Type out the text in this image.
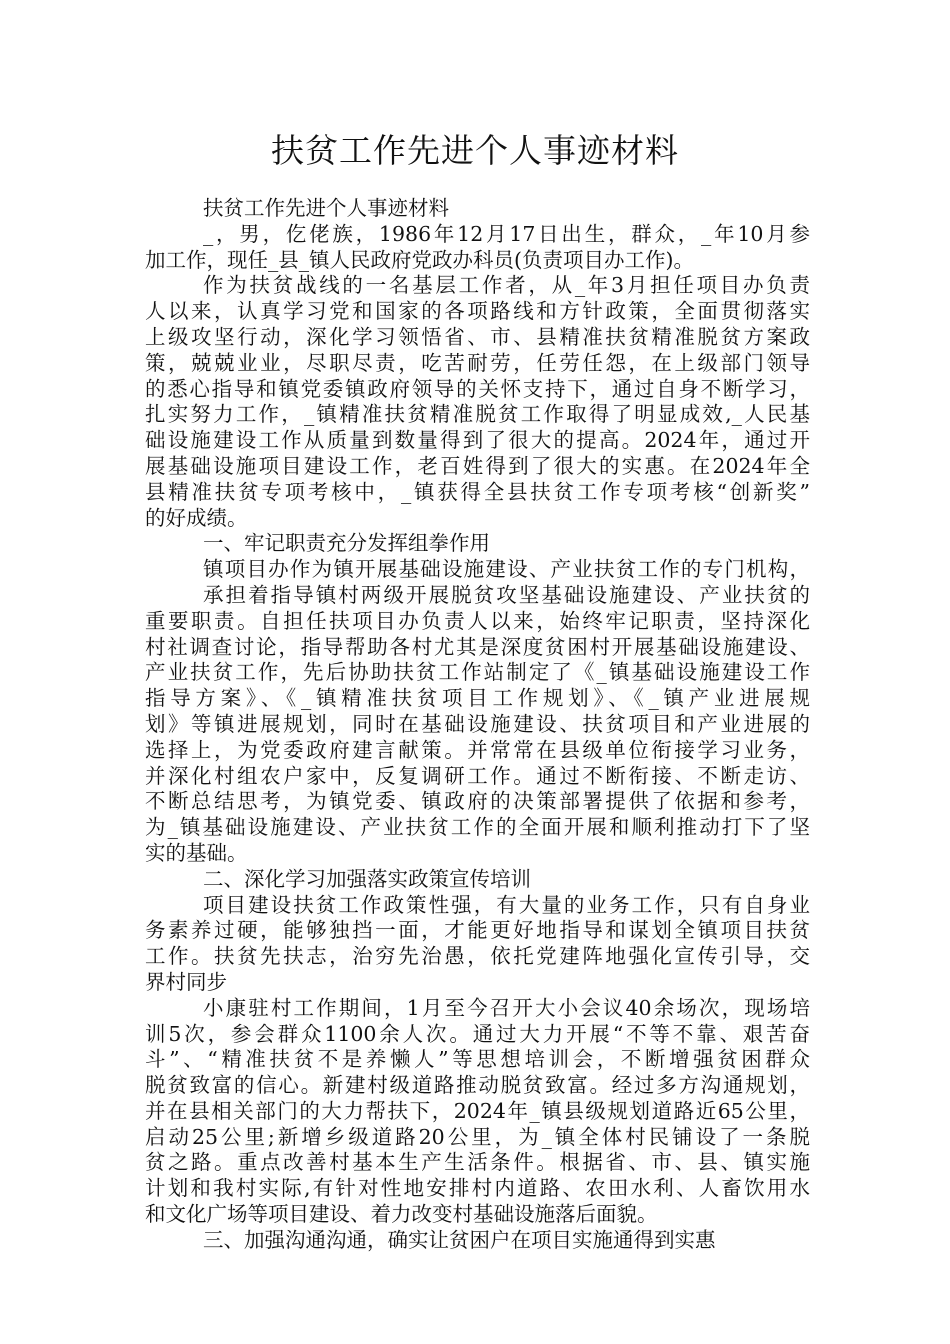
扶贫工作先进个人事迹材料
扶贫工作先进个人事迹材料
_，男，仡佬族，1986年12月17日出生，群众，_年10月参
加工作，现任_县_镇人民政府党政办科员(负责项目办工作)。
作为扶贫战线的一名基层工作者，从_年3月担任项目办负责
人以来，认真学习党和国家的各项路线和方针政策，全面贯彻落实
上级攻坚行动，深化学习领悟省、市、县精准扶贫精准脱贫方案政
策，兢兢业业，尽职尽责，吃苦耐劳，任劳任怨，在上级部门领导
的悉心指导和镇党委镇政府领导的关怀支持下，通过自身不断学习，
扎实努力工作，_镇精准扶贫精准脱贫工作取得了明显成效,_人民基
础设施建设工作从质量到数量得到了很大的提高。2024年，通过开
展基础设施项目建设工作，老百姓得到了很大的实惠。在2024年全
县精准扶贫专项考核中，_镇获得全县扶贫工作专项考核“创新奖”
的好成绩。
一、牢记职责充分发挥组拳作用
镇项目办作为镇开展基础设施建设、产业扶贫工作的专门机构，
承担着指导镇村两级开展脱贫攻坚基础设施建设、产业扶贫的
重要职责。自担任扶项目办负责人以来，始终牢记职责，坚持深化
村社调查讨论，指导帮助各村尤其是深度贫困村开展基础设施建设、
产业扶贫工作，先后协助扶贫工作站制定了《_镇基础设施建设工作
指导方案》、《_镇精准扶贫项目工作规划》、《_镇产业进展规
划》等镇进展规划，同时在基础设施建设、扶贫项目和产业进展的
选择上，为党委政府建言献策。并常常在县级单位衔接学习业务，
并深化村组农户家中，反复调研工作。通过不断衔接、不断走访、
不断总结思考，为镇党委、镇政府的决策部署提供了依据和参考，
为_镇基础设施建设、产业扶贫工作的全面开展和顺利推动打下了坚
实的基础。
二、深化学习加强落实政策宣传培训
项目建设扶贫工作政策性强，有大量的业务工作，只有自身业
务素养过硬，能够独挡一面，才能更好地指导和谋划全镇项目扶贫
工作。扶贫先扶志，治穷先治愚，依托党建阵地强化宣传引导，交
界村同步
小康驻村工作期间，1月至今召开大小会议40余场次，现场培
训5次，参会群众1100余人次。通过大力开展“不等不靠、艰苦奋
斗”、“精准扶贫不是养懒人”等思想培训会，不断增强贫困群众
脱贫致富的信心。新建村级道路推动脱贫致富。经过多方沟通规划，
并在县相关部门的大力帮扶下，2024年_镇县级规划道路近65公里，
启动25公里;新增乡级道路20公里，为_镇全体村民铺设了一条脱
贫之路。重点改善村基本生产生活条件。根据省、市、县、镇实施
计划和我村实际,有针对性地安排村内道路、农田水利、人畜饮用水
和文化广场等项目建设、着力改变村基础设施落后面貌。
三、加强沟通沟通，确实让贫困户在项目实施通得到实惠
